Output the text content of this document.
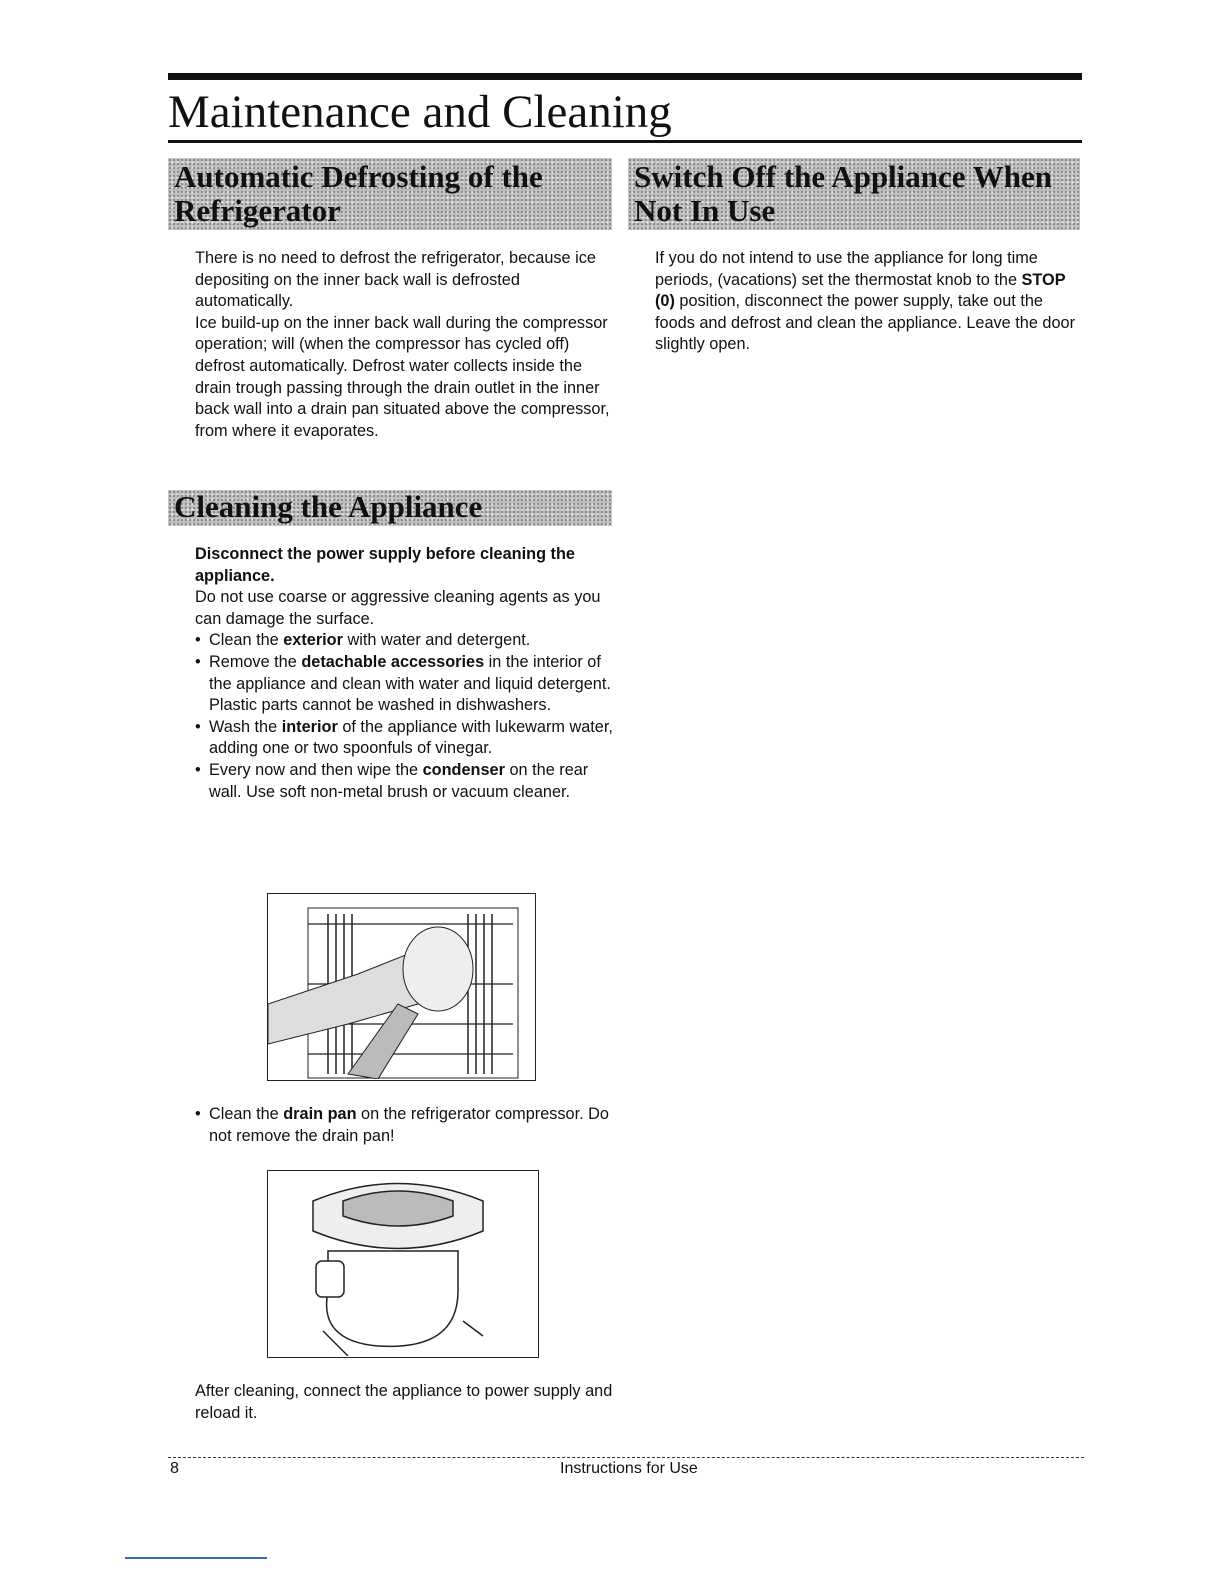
Maintenance and Cleaning
Automatic Defrosting of the
Refrigerator
Switch Off the Appliance When
Not In Use

There is no need to defrost the refrigerator, because ice depositing on the inner back wall is defrosted automatically.

Ice build-up on the inner back wall during the compressor operation; will (when the compressor has cycled off) defrost automatically. Defrost water collects inside the drain trough passing through the drain outlet in the inner back wall into a drain pan situated above the compressor, from where it evaporates.

If you do not intend to use the appliance for long time periods, (vacations) set the thermostat knob to the STOP (0) position, disconnect the power supply, take out the foods and defrost and clean the appliance. Leave the door slightly open.

Cleaning the Appliance

Disconnect the power supply before cleaning the appliance.

Do not use coarse or aggressive cleaning agents as you can damage the surface.

• Clean the exterior with water and detergent.
• Remove the detachable accessories in the interior of the appliance and clean with water and liquid detergent. Plastic parts cannot be washed in dishwashers.
• Wash the interior of the appliance with lukewarm water, adding one or two spoonfuls of vinegar.
• Every now and then wipe the condenser on the rear wall. Use soft non-metal brush or vacuum cleaner.
• Clean the drain pan on the refrigerator compressor. Do not remove the drain pan!
After cleaning, connect the appliance to power supply and reload it.
8	Instructions for Use
